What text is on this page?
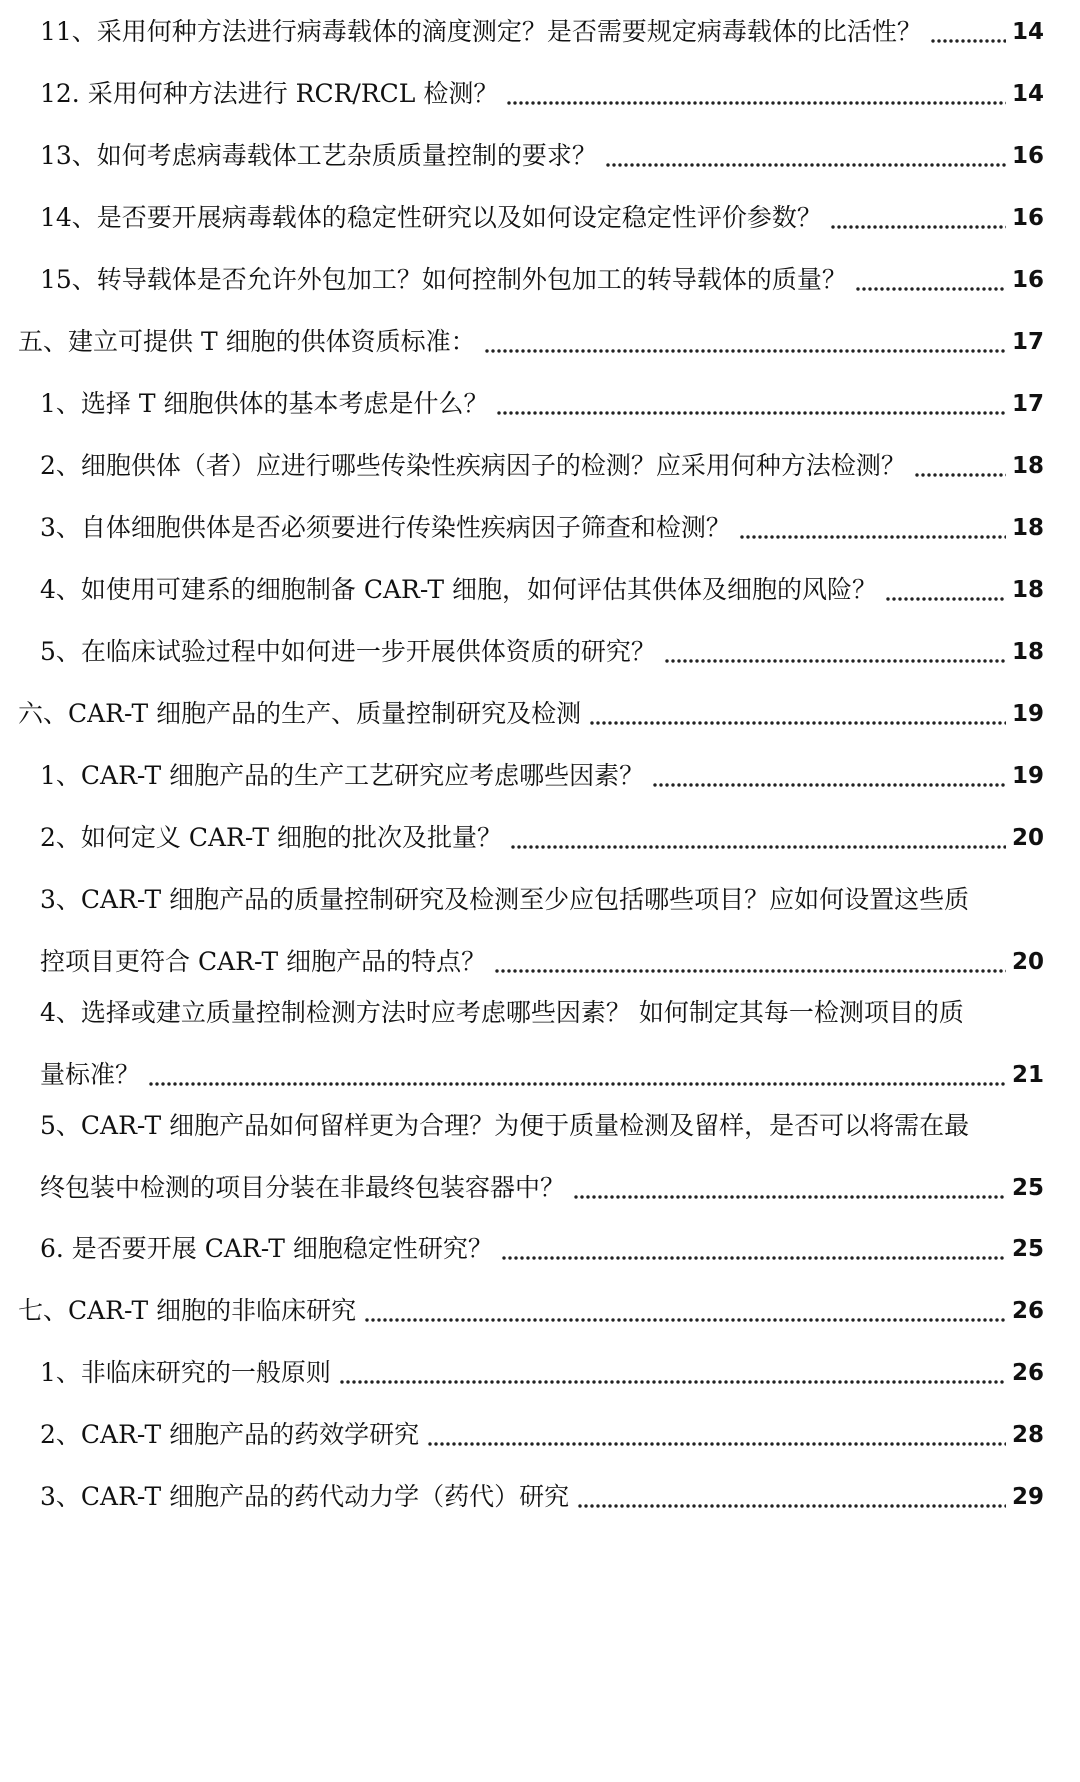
11、采用何种方法进行病毒载体的滴度测定？是否需要规定病毒载体的比活性？	14
12. 采用何种方法进行 RCR/RCL 检测？	14
13、如何考虑病毒载体工艺杂质质量控制的要求？	16
14、是否要开展病毒载体的稳定性研究以及如何设定稳定性评价参数？	16
15、转导载体是否允许外包加工？如何控制外包加工的转导载体的质量？	16
五、建立可提供 T 细胞的供体资质标准：	17
1、选择 T 细胞供体的基本考虑是什么？	17
2、细胞供体（者）应进行哪些传染性疾病因子的检测？应采用何种方法检测？	18
3、自体细胞供体是否必须要进行传染性疾病因子筛查和检测？	18
4、如使用可建系的细胞制备 CAR-T 细胞，如何评估其供体及细胞的风险？	18
5、在临床试验过程中如何进一步开展供体资质的研究？	18
六、CAR-T 细胞产品的生产、质量控制研究及检测	19
1、CAR-T 细胞产品的生产工艺研究应考虑哪些因素？	19
2、如何定义 CAR-T 细胞的批次及批量？	20
3、CAR-T 细胞产品的质量控制研究及检测至少应包括哪些项目？应如何设置这些质
控项目更符合 CAR-T 细胞产品的特点？	20
4、选择或建立质量控制检测方法时应考虑哪些因素？ 如何制定其每一检测项目的质
量标准？	21
5、CAR-T 细胞产品如何留样更为合理？为便于质量检测及留样，是否可以将需在最
终包装中检测的项目分装在非最终包装容器中？	25
6. 是否要开展 CAR-T 细胞稳定性研究？	25
七、CAR-T 细胞的非临床研究	26
1、非临床研究的一般原则	26
2、CAR-T 细胞产品的药效学研究	28
3、CAR-T 细胞产品的药代动力学（药代）研究	29
